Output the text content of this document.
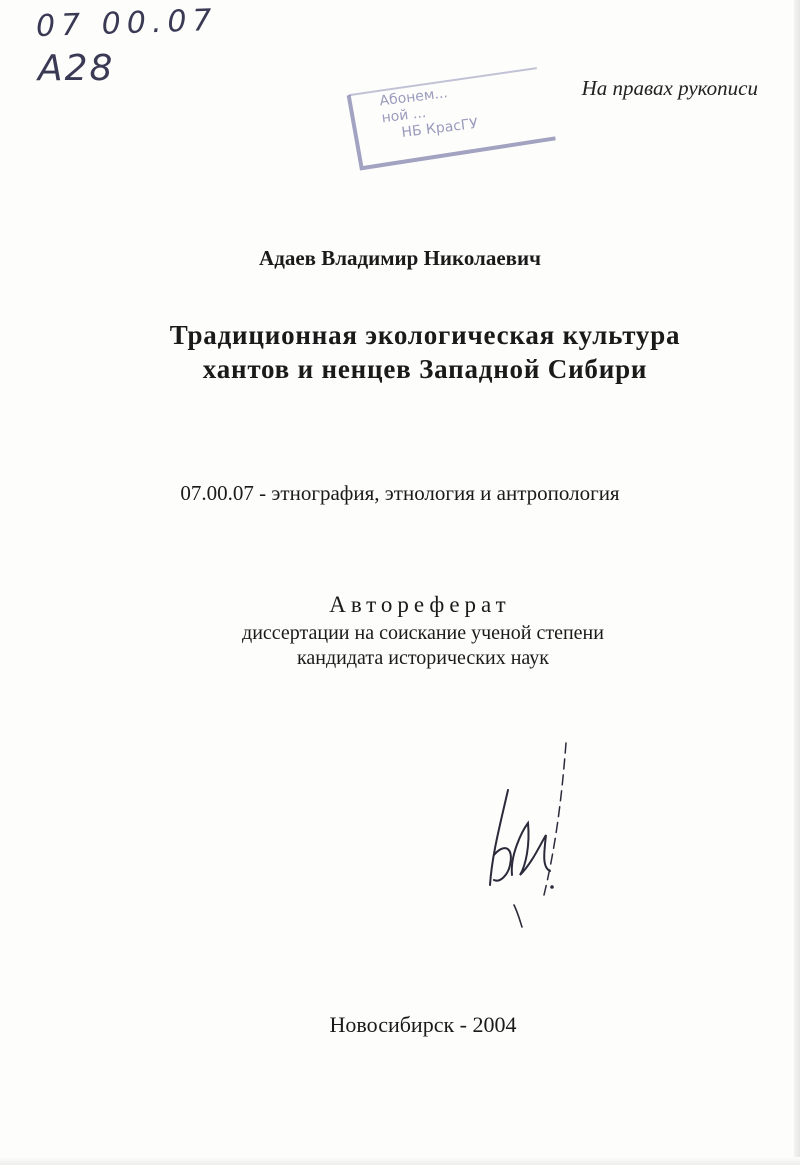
07 00.07
A28
Абонем...
ной ...
НБ КрасГУ
На правах рукописи
Адаев Владимир Николаевич
Традиционная экологическая культура
хантов и ненцев Западной Сибири
07.00.07 - этнография, этнология и антропология
Автореферат
диссертации на соискание ученой степени
кандидата исторических наук
Новосибирск - 2004
